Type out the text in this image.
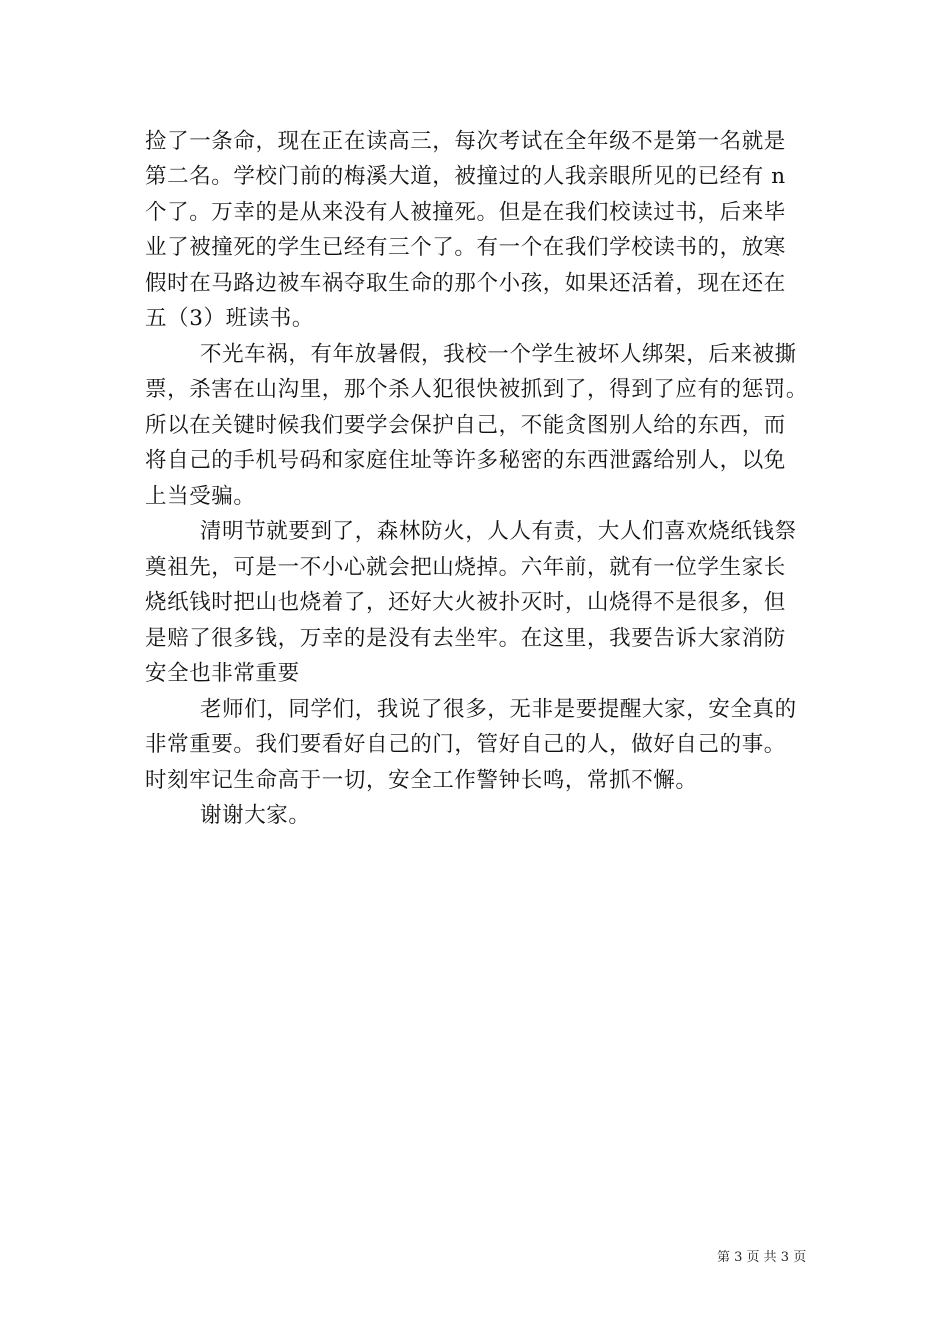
捡了一条命，现在正在读高三，每次考试在全年级不是第一名就是
第二名。学校门前的梅溪大道，被撞过的人我亲眼所见的已经有 n
个了。万幸的是从来没有人被撞死。但是在我们校读过书，后来毕
业了被撞死的学生已经有三个了。有一个在我们学校读书的，放寒
假时在马路边被车祸夺取生命的那个小孩，如果还活着，现在还在
五（3）班读书。
不光车祸，有年放暑假，我校一个学生被坏人绑架，后来被撕
票，杀害在山沟里，那个杀人犯很快被抓到了，得到了应有的惩罚。
所以在关键时候我们要学会保护自己，不能贪图别人给的东西，而
将自己的手机号码和家庭住址等许多秘密的东西泄露给别人，以免
上当受骗。
清明节就要到了，森林防火，人人有责，大人们喜欢烧纸钱祭
奠祖先，可是一不小心就会把山烧掉。六年前，就有一位学生家长
烧纸钱时把山也烧着了，还好大火被扑灭时，山烧得不是很多，但
是赔了很多钱，万幸的是没有去坐牢。在这里，我要告诉大家消防
安全也非常重要
老师们，同学们，我说了很多，无非是要提醒大家，安全真的
非常重要。我们要看好自己的门，管好自己的人，做好自己的事。
时刻牢记生命高于一切，安全工作警钟长鸣，常抓不懈。
谢谢大家。
第 3 页 共 3 页
